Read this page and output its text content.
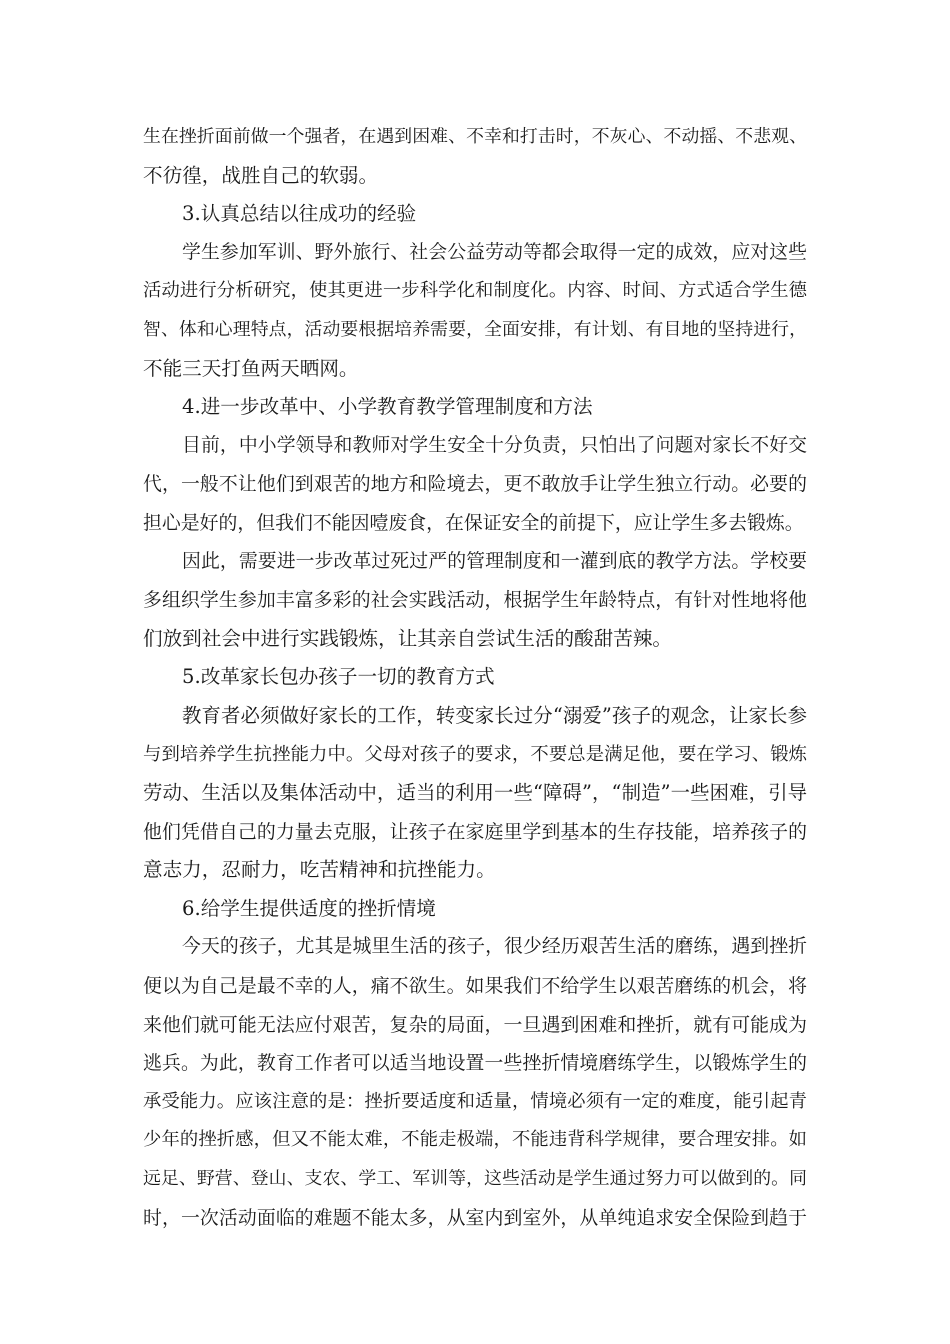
生在挫折面前做一个强者，在遇到困难、不幸和打击时，不灰心、不动摇、不悲观、
不彷徨，战胜自己的软弱。
3.认真总结以往成功的经验
学生参加军训、野外旅行、社会公益劳动等都会取得一定的成效，应对这些
活动进行分析研究，使其更进一步科学化和制度化。内容、时间、方式适合学生德
智、体和心理特点，活动要根据培养需要，全面安排，有计划、有目地的坚持进行，
不能三天打鱼两天晒网。
4.进一步改革中、小学教育教学管理制度和方法
目前，中小学领导和教师对学生安全十分负责，只怕出了问题对家长不好交
代，一般不让他们到艰苦的地方和险境去，更不敢放手让学生独立行动。必要的
担心是好的，但我们不能因噎废食，在保证安全的前提下，应让学生多去锻炼。
因此，需要进一步改革过死过严的管理制度和一灌到底的教学方法。学校要
多组织学生参加丰富多彩的社会实践活动，根据学生年龄特点，有针对性地将他
们放到社会中进行实践锻炼，让其亲自尝试生活的酸甜苦辣。
5.改革家长包办孩子一切的教育方式
教育者必须做好家长的工作，转变家长过分“溺爱”孩子的观念，让家长参
与到培养学生抗挫能力中。父母对孩子的要求，不要总是满足他，要在学习、锻炼
劳动、生活以及集体活动中，适当的利用一些“障碍”，“制造”一些困难，引导
他们凭借自己的力量去克服，让孩子在家庭里学到基本的生存技能，培养孩子的
意志力，忍耐力，吃苦精神和抗挫能力。
6.给学生提供适度的挫折情境
今天的孩子，尤其是城里生活的孩子，很少经历艰苦生活的磨练，遇到挫折
便以为自己是最不幸的人，痛不欲生。如果我们不给学生以艰苦磨练的机会，将
来他们就可能无法应付艰苦，复杂的局面，一旦遇到困难和挫折，就有可能成为
逃兵。为此，教育工作者可以适当地设置一些挫折情境磨练学生，以锻炼学生的
承受能力。应该注意的是：挫折要适度和适量，情境必须有一定的难度，能引起青
少年的挫折感，但又不能太难，不能走极端，不能违背科学规律，要合理安排。如
远足、野营、登山、支农、学工、军训等，这些活动是学生通过努力可以做到的。同
时，一次活动面临的难题不能太多，从室内到室外，从单纯追求安全保险到趋于
